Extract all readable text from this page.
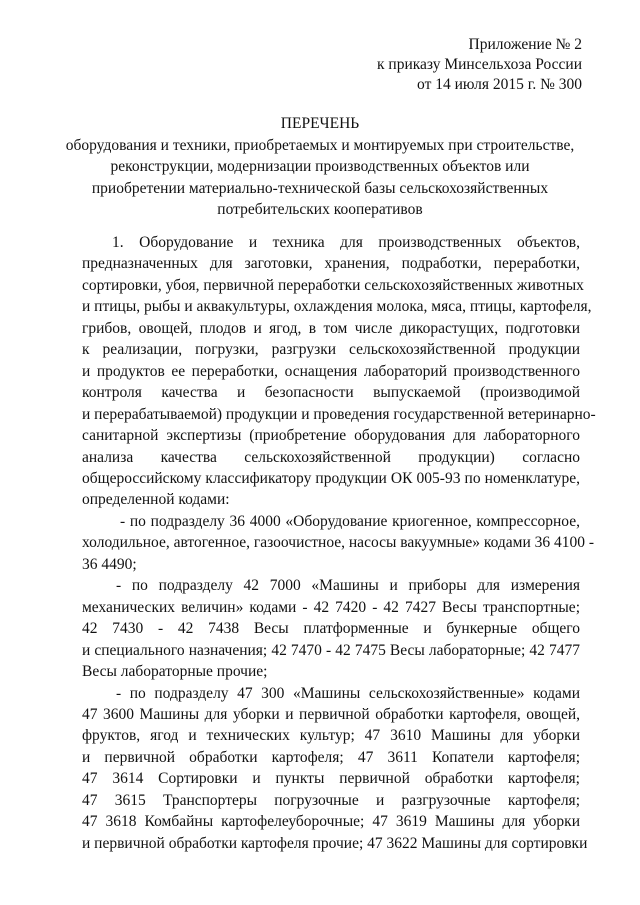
Приложение № 2
к приказу Минсельхоза России
от 14 июля 2015 г. № 300
ПЕРЕЧЕНЬ
оборудования и техники, приобретаемых и монтируемых при строительстве,
реконструкции, модернизации производственных объектов или
приобретении материально-технической базы сельскохозяйственных
потребительских кооперативов
1. Оборудование и техника для производственных объектов,
предназначенных для заготовки, хранения, подработки, переработки,
сортировки, убоя, первичной переработки сельскохозяйственных животных
и птицы, рыбы и аквакультуры, охлаждения молока, мяса, птицы, картофеля,
грибов, овощей, плодов и ягод, в том числе дикорастущих, подготовки
к реализации, погрузки, разгрузки сельскохозяйственной продукции
и продуктов ее переработки, оснащения лабораторий производственного
контроля качества и безопасности выпускаемой (производимой
и перерабатываемой) продукции и проведения государственной ветеринарно-
санитарной экспертизы (приобретение оборудования для лабораторного
анализа качества сельскохозяйственной продукции) согласно
общероссийскому классификатору продукции ОК 005-93 по номенклатуре,
определенной кодами:
- по подразделу 36 4000 «Оборудование криогенное, компрессорное,
холодильное, автогенное, газоочистное, насосы вакуумные» кодами 36 4100 -
36 4490;
- по подразделу 42 7000 «Машины и приборы для измерения
механических величин» кодами - 42 7420 - 42 7427 Весы транспортные;
42 7430 - 42 7438 Весы платформенные и бункерные общего
и специального назначения; 42 7470 - 42 7475 Весы лабораторные; 42 7477
Весы лабораторные прочие;
- по подразделу 47 300 «Машины сельскохозяйственные» кодами
47 3600 Машины для уборки и первичной обработки картофеля, овощей,
фруктов, ягод и технических культур; 47 3610 Машины для уборки
и первичной обработки картофеля; 47 3611 Копатели картофеля;
47 3614 Сортировки и пункты первичной обработки картофеля;
47 3615 Транспортеры погрузочные и разгрузочные картофеля;
47 3618 Комбайны картофелеуборочные; 47 3619 Машины для уборки
и первичной обработки картофеля прочие; 47 3622 Машины для сортировки
